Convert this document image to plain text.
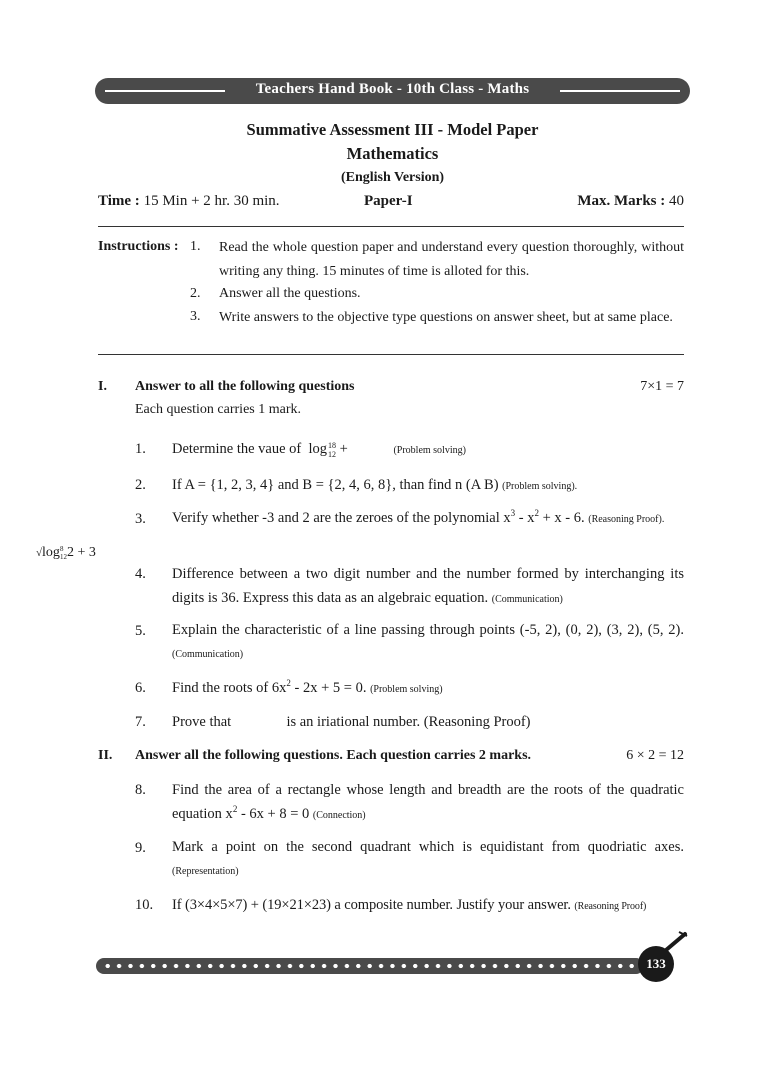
Teachers Hand Book - 10th Class - Maths
Summative Assessment III - Model Paper
Mathematics
(English Version)
Time : 15 Min + 2 hr. 30 min.	Paper-I	Max. Marks : 40
Instructions : 1. Read the whole question paper and understand every question thoroughly, without writing any thing. 15 minutes of time is alloted for this.
2. Answer all the questions.
3. Write answers to the objective type questions on answer sheet, but at same place.
I. Answer to all the following questions	7×1 = 7
Each question carries 1 mark.
1. Determine the vaue of log 18
12 +	(Problem solving)
2. If A = {1, 2, 3, 4} and B = {2, 4, 6, 8}, than find n (A B) (Problem solving).
3. Verify whether -3 and 2 are the zeroes of the polynomial $x^3 - x^2 + x - 6$. (Reasoning Proof).
√log 8
12 2 + 3
4. Difference between a two digit number and the number formed by interchanging its digits is 36. Express this data as an algebraic equation. (Communication)
5. Explain the characteristic of a line passing through points (-5, 2), (0, 2), (3, 2), (5, 2). (Communication)
6. Find the roots of $6x^2 - 2x + 5 = 0$. (Problem solving)
7. Prove that	is an iriational number. (Reasoning Proof)
II. Answer all the following questions. Each question carries 2 marks.	6 × 2 = 12
8. Find the area of a rectangle whose length and breadth are the roots of the quadratic equation $x^2 - 6x + 8 = 0$ (Connection)
9. Mark a point on the second quadrant which is equidistant from quodriatic axes. (Representation)
10. If (3×4×5×7) + (19×21×23) a composite number. Justify your answer. (Reasoning Proof)
133
